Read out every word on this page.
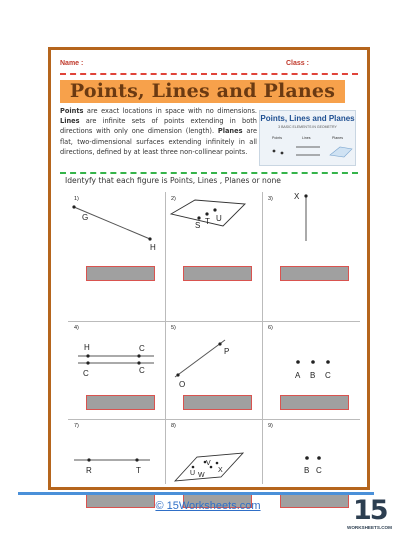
Name :	Class :
Points, Lines and Planes
Points are exact locations in space with no dimensions. Lines are infinite sets of points extending in both directions with only one dimension (length). Planes are flat, two-dimensional surfaces extending infinitely in all directions, defined by at least three non-collinear points.
Points, Lines and Planes
3 BASIC ELEMENTS IN GEOMETRY
Points	Lines	Planes
Identyfy that each figure is Points, Lines , Planes or none
1)
G
H
2)
S T U
3)	X
4)
H	C
C	C
5)
P
O
6)
A B C
7)
R	T
8)
U
V
W
X
9)
B C
© 15Worksheets.com	15
WORKSHEETS.COM
